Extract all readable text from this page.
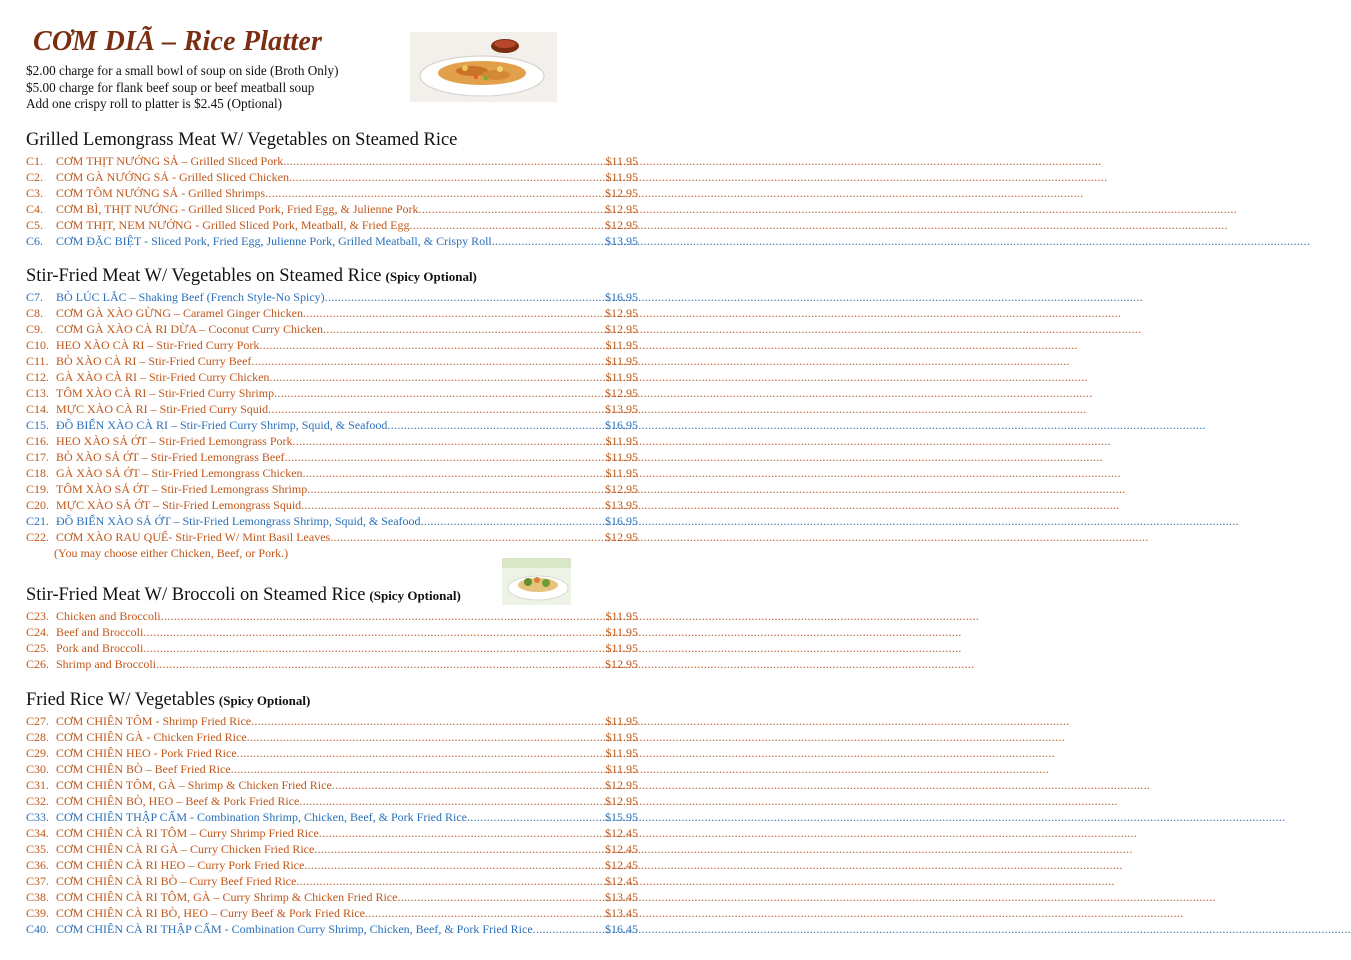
CƠM DIÃ – Rice Platter
$2.00 charge for a small bowl of soup on side (Broth Only)
$5.00 charge for flank beef soup or beef meatball soup
Add one crispy roll to platter is $2.45 (Optional)
Grilled Lemongrass Meat W/ Vegetables on Steamed Rice
C1.	CƠM THỊT NƯỚNG SẢ – Grilled Sliced Pork .....	$11.95
C2.	CƠM GÀ NƯỚNG SẢ - Grilled Sliced Chicken .....	$11.95
C3.	CƠM TÔM NƯỚNG SẢ - Grilled Shrimps .....	$12.95
C4.	CƠM BÌ, THỊT NƯỚNG - Grilled Sliced Pork, Fried Egg, & Julienne Pork .....	$12.95
C5.	CƠM THỊT, NEM NƯỚNG - Grilled Sliced Pork, Meatball, & Fried Egg .....	$12.95
C6.	CƠM ĐẶC BIỆT - Sliced Pork, Fried Egg, Julienne Pork, Grilled Meatball, & Crispy Roll .....	$13.95
Stir-Fried Meat W/ Vegetables on Steamed Rice (Spicy Optional)
C7.	BÒ LÚC LẮC – Shaking Beef (French Style-No Spicy) .....	$16.95
C8.	CƠM GÀ XÀO GỪNG – Caramel Ginger Chicken .....	$12.95
C9.	CƠM GÀ XÀO CÀ RI DỪA – Coconut Curry Chicken .....	$12.95
C10. HEO XÀO CÀ RI – Stir-Fried Curry Pork .....	$11.95
C11. BÒ XÀO CÀ RI – Stir-Fried Curry Beef .....	$11.95
C12. GÀ XÀO CÀ RI – Stir-Fried Curry Chicken .....	$11.95
C13. TÔM XÀO CÀ RI – Stir-Fried Curry Shrimp .....	$12.95
C14. MỰC XÀO CÀ RI – Stir-Fried Curry Squid .....	$13.95
C15. ĐỒ BIỂN XÀO CÀ RI – Stir-Fried Curry Shrimp, Squid, & Seafood .....	$16.95
C16. HEO XÀO SẢ ỚT – Stir-Fried Lemongrass Pork .....	$11.95
C17. BÒ XÀO SẢ ỚT – Stir-Fried Lemongrass Beef .....	$11.95
C18. GÀ XÀO SẢ ỚT – Stir-Fried Lemongrass Chicken .....	$11.95
C19. TÔM XÀO SẢ ỚT – Stir-Fried Lemongrass Shrimp .....	$12.95
C20. MỰC XÀO SẢ ỚT – Stir-Fried Lemongrass Squid .....	$13.95
C21. ĐỒ BIỂN XÀO SẢ ỚT – Stir-Fried Lemongrass Shrimp, Squid, & Seafood .....	$16.95
C22. CƠM XÀO RAU QUẾ- Stir-Fried W/ Mint Basil Leaves .....	$12.95
(You may choose either Chicken, Beef, or Pork.)
Stir-Fried Meat W/ Broccoli on Steamed Rice (Spicy Optional)
C23. Chicken and Broccoli .....	$11.95
C24. Beef and Broccoli .....	$11.95
C25. Pork and Broccoli .....	$11.95
C26. Shrimp and Broccoli .....	$12.95
Fried Rice W/ Vegetables (Spicy Optional)
C27. CƠM CHIÊN TÔM - Shrimp Fried Rice .....	$11.95
C28. CƠM CHIÊN GÀ - Chicken Fried Rice .....	$11.95
C29. CƠM CHIÊN HEO - Pork Fried Rice .....	$11.95
C30. CƠM CHIÊN BÒ – Beef Fried Rice .....	$11.95
C31. CƠM CHIÊN TÔM, GÀ – Shrimp & Chicken Fried Rice .....	$12.95
C32. CƠM CHIÊN BÒ, HEO – Beef & Pork Fried Rice .....	$12.95
C33. CƠM CHIÊN THẬP CẨM - Combination Shrimp, Chicken, Beef, & Pork Fried Rice .....	$15.95
C34. CƠM CHIÊN CÀ RI TÔM – Curry Shrimp Fried Rice .....	$12.45
C35. CƠM CHIÊN CÀ RI GÀ – Curry Chicken Fried Rice .....	$12.45
C36. CƠM CHIÊN CÀ RI HEO – Curry Pork Fried Rice .....	$12.45
C37. CƠM CHIÊN CÀ RI BÒ – Curry Beef Fried Rice .....	$12.45
C38. CƠM CHIÊN CÀ RI TÔM, GÀ – Curry Shrimp & Chicken Fried Rice .....	$13.45
C39. CƠM CHIÊN CÀ RI BÒ, HEO – Curry Beef & Pork Fried Rice .....	$13.45
C40. CƠM CHIÊN CÀ RI THẬP CẨM - Combination Curry Shrimp, Chicken, Beef, & Pork Fried Rice .....	$16.45
